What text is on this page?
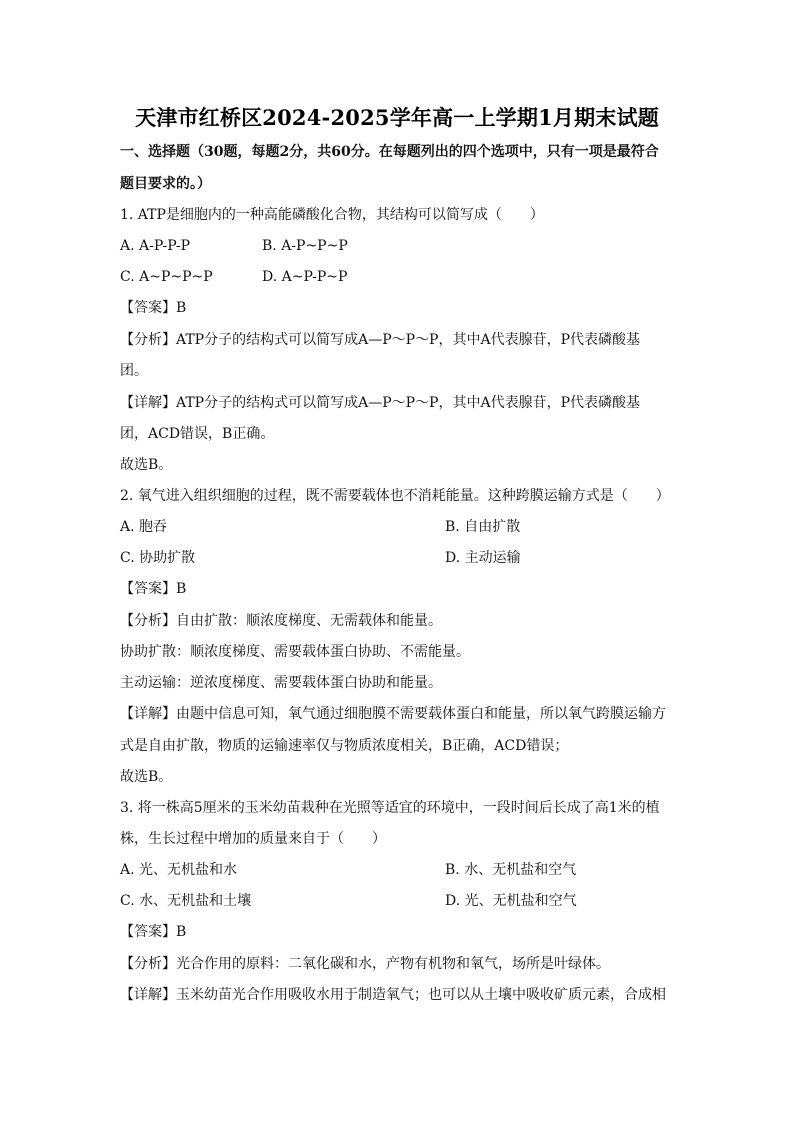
天津市红桥区2024-2025学年高一上学期1月期末试题
一、选择题（30题，每题2分，共60分。在每题列出的四个选项中，只有一项是最符合
题目要求的。）
1. ATP是细胞内的一种高能磷酸化合物，其结构可以简写成（　　）
A. A-P-P-P	B. A-P~P~P
C. A~P~P~P	D. A~P-P~P
【答案】B
【分析】ATP分子的结构式可以简写成A—P～P～P，其中A代表腺苷，P代表磷酸基
团。
【详解】ATP分子的结构式可以简写成A—P～P～P，其中A代表腺苷，P代表磷酸基
团，ACD错误，B正确。
故选B。
2. 氧气进入组织细胞的过程，既不需要载体也不消耗能量。这种跨膜运输方式是（　　）
A. 胞吞	B. 自由扩散
C. 协助扩散	D. 主动运输
【答案】B
【分析】自由扩散：顺浓度梯度、无需载体和能量。
协助扩散：顺浓度梯度、需要载体蛋白协助、不需能量。
主动运输：逆浓度梯度、需要载体蛋白协助和能量。
【详解】由题中信息可知，氧气通过细胞膜不需要载体蛋白和能量，所以氧气跨膜运输方
式是自由扩散，物质的运输速率仅与物质浓度相关，B正确，ACD错误；
故选B。
3. 将一株高5厘米的玉米幼苗栽种在光照等适宜的环境中，一段时间后长成了高1米的植
株，生长过程中增加的质量来自于（　　）
A. 光、无机盐和水	B. 水、无机盐和空气
C. 水、无机盐和土壤	D. 光、无机盐和空气
【答案】B
【分析】光合作用的原料：二氧化碳和水，产物有机物和氧气，场所是叶绿体。
【详解】玉米幼苗光合作用吸收水用于制造氧气；也可以从土壤中吸收矿质元素，合成相
